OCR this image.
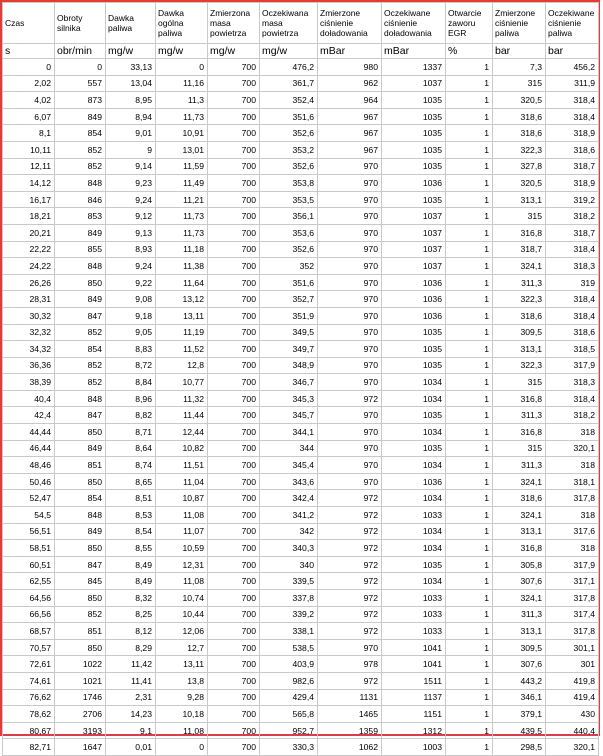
Czas	Obroty silnika	Dawka paliwa	Dawka ogólna paliwa	Zmierzona masa powietrza	Oczekiwana masa powietrza	Zmierzone ciśnienie doładowania	Oczekiwane ciśnienie doładowania	Otwarcie zaworu EGR	Zmierzone ciśnienie paliwa	Oczekiwane ciśnienie paliwa
s	obr/min	mg/w	mg/w	mg/w	mg/w	mBar	mBar	%	bar	bar
0	0	33,13	0	700	476,2	980	1337	1	7,3	456,2
2,02	557	13,04	11,16	700	361,7	962	1037	1	315	311,9
4,02	873	8,95	11,3	700	352,4	964	1035	1	320,5	318,4
6,07	849	8,94	11,73	700	351,6	967	1035	1	318,6	318,4
8,1	854	9,01	10,91	700	352,6	967	1035	1	318,6	318,9
10,11	852	9	13,01	700	353,2	967	1035	1	322,3	318,6
12,11	852	9,14	11,59	700	352,6	970	1035	1	327,8	318,7
14,12	848	9,23	11,49	700	353,8	970	1036	1	320,5	318,9
16,17	846	9,24	11,21	700	353,5	970	1035	1	313,1	319,2
18,21	853	9,12	11,73	700	356,1	970	1037	1	315	318,2
20,21	849	9,13	11,73	700	353,6	970	1037	1	316,8	318,7
22,22	855	8,93	11,18	700	352,6	970	1037	1	318,7	318,4
24,22	848	9,24	11,38	700	352	970	1037	1	324,1	318,3
26,26	850	9,22	11,64	700	351,6	970	1036	1	311,3	319
28,31	849	9,08	13,12	700	352,7	970	1036	1	322,3	318,4
30,32	847	9,18	13,11	700	351,9	970	1036	1	318,6	318,4
32,32	852	9,05	11,19	700	349,5	970	1035	1	309,5	318,6
34,32	854	8,83	11,52	700	349,7	970	1035	1	313,1	318,5
36,36	852	8,72	12,8	700	348,9	970	1035	1	322,3	317,9
38,39	852	8,84	10,77	700	346,7	970	1034	1	315	318,3
40,4	848	8,96	11,32	700	345,3	972	1034	1	316,8	318,4
42,4	847	8,82	11,44	700	345,7	970	1035	1	311,3	318,2
44,44	850	8,71	12,44	700	344,1	970	1034	1	316,8	318
46,44	849	8,64	10,82	700	344	970	1035	1	315	320,1
48,46	851	8,74	11,51	700	345,4	970	1034	1	311,3	318
50,46	850	8,65	11,04	700	343,6	970	1036	1	324,1	318,1
52,47	854	8,51	10,87	700	342,4	972	1034	1	318,6	317,8
54,5	848	8,53	11,08	700	341,2	972	1033	1	324,1	318
56,51	849	8,54	11,07	700	342	972	1034	1	313,1	317,6
58,51	850	8,55	10,59	700	340,3	972	1034	1	316,8	318
60,51	847	8,49	12,31	700	340	972	1035	1	305,8	317,9
62,55	845	8,49	11,08	700	339,5	972	1034	1	307,6	317,1
64,56	850	8,32	10,74	700	337,8	972	1033	1	324,1	317,8
66,56	852	8,25	10,44	700	339,2	972	1033	1	311,3	317,4
68,57	851	8,12	12,06	700	338,1	972	1033	1	313,1	317,8
70,57	850	8,29	12,7	700	538,5	970	1041	1	309,5	301,1
72,61	1022	11,42	13,11	700	403,9	978	1041	1	307,6	301
74,61	1021	11,41	13,8	700	982,6	972	1511	1	443,2	419,8
76,62	1746	2,31	9,28	700	429,4	1131	1137	1	346,1	419,4
78,62	2706	14,23	10,18	700	565,8	1465	1151	1	379,1	430
80,67	3193	9,1	11,08	700	952,7	1359	1312	1	439,5	440,4
82,71	1647	0,01	0	700	330,3	1062	1003	1	298,5	320,1
